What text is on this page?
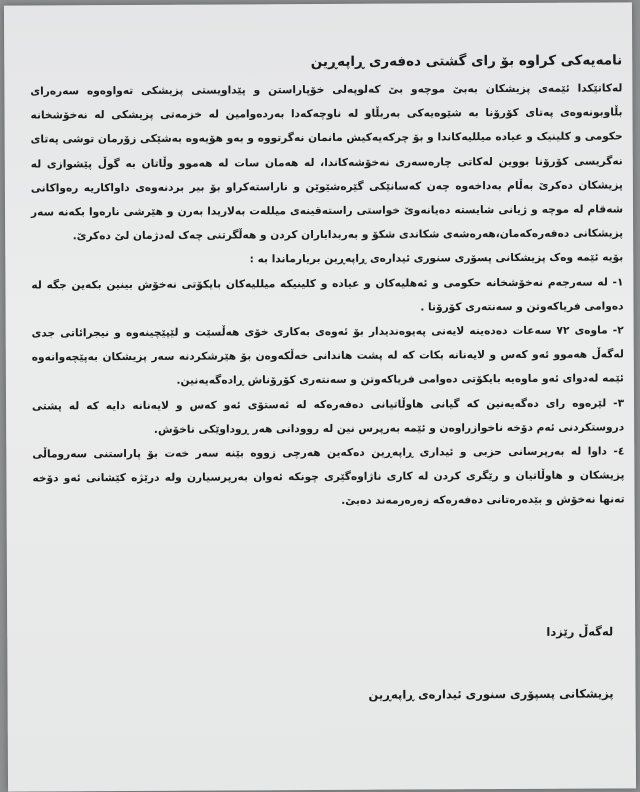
نامەیەکی کراوە بۆ رای گشتی دەفەری ڕاپەڕین

لەکاتێکدا ئێمەی پزیشکان بەبێ موچەو بێ کەلوپەلی خۆپاراستن و پێداویستی پزیشکی تەواوەوە سەرەرای بڵاوبونەوەی پەتای کۆرۆنا بە شێوەیەکی بەربڵاو لە ناوچەکەدا بەردەوامین لە خزمەتی پزیشکی لە نەخۆشخانە حکومی و کلینیک و عیادە میللیەکاندا و بۆ چرکەیەکیش مانمان نەگرتووە و بەو هۆیەوە بەشێکی زۆرمان توشی پەتای نەگریسی کۆرۆنا بووین لەکاتی چارەسەری نەخۆشەکاندا، لە هەمان سات لە هەموو وڵاتان بە گوڵ پێشوازی لە پزیشکان دەکرێ بەڵام بەداخەوە چەن کەسانێکی گێرەشێوێن و ناراستەکراو بۆ بیر بردنەوەی داواکاریە رەواکانی شەقام لە موچە و ژیانی شایستە دەیانەوێ خواستی راستەقینەی میللەت بەلاریدا بەرن و هێرشی نارەوا بکەنە سەر پزیشکانی دەفەرەکەمان،هەرەشەی شکاندی شکۆ و بەربداباران کردن و هەڵگرتنی چەک لەدژمان لێ دەکرێ.

بۆیە ئێمە وەک پزیشکانی پسۆری سنوری ئیدارەی ڕاپەڕین بریارماندا بە :

١- لە سەرجەم نەخۆشخانە حکومی و ئەهلیەکان و عیادە و کلینیکە میللیەکان بایکۆتی نەخۆش بینین بکەین جگە لە دەوامی فریاکەوتن و سەنتەری کۆرۆنا .

٢- ماوەی ٧٢ سەعات دەدەینە لایەنی پەیوەندیدار بۆ ئەوەی بەکاری خۆی هەڵسێت و لێپێچینەوە و نیجرائاتی جدی لەگەڵ هەموو ئەو کەس و لایەنانە بکات کە لە پشت هاندانی خەڵکەوەن بۆ هێرشکردنە سەر پزیشکان بەپێچەوانەوە ئێمە لەدوای ئەو ماوەیە بایکۆتی دەوامی فریاکەوتن و سەنتەری کۆرۆناش ڕادەگەیەنین.

٣- لێرەوە رای دەگەیەنین کە گیانی هاوڵاتیانی دەفەرەکە لە ئەستۆی ئەو کەس و لایەنانە دایە کە لە پشتی دروستکردنی ئەم دۆخە ناخوازراوەن و ئێمە بەرپرس نین لە روودانی هەر ڕوداوێکی ناخۆش.

٤- داوا لە بەرپرسانی حزبی و ئیداری ڕاپەڕین دەکەین هەرچی زووە بێنە سەر خەت بۆ پاراستنی سەروماڵی پزیشکان و هاوڵاتیان و رێگری کردن لە کاری ناژاوەگێری چونکە ئەوان بەرپرسیارن ولە درێژە کێشانی ئەو دۆخە تەنها نەخۆش و بێدەرەتانی دەفەرەکە زەرەرمەند دەبێ.

لەگەڵ رێزدا
پزیشکانی پسپۆری سنوری ئیدارەی ڕاپەڕین
